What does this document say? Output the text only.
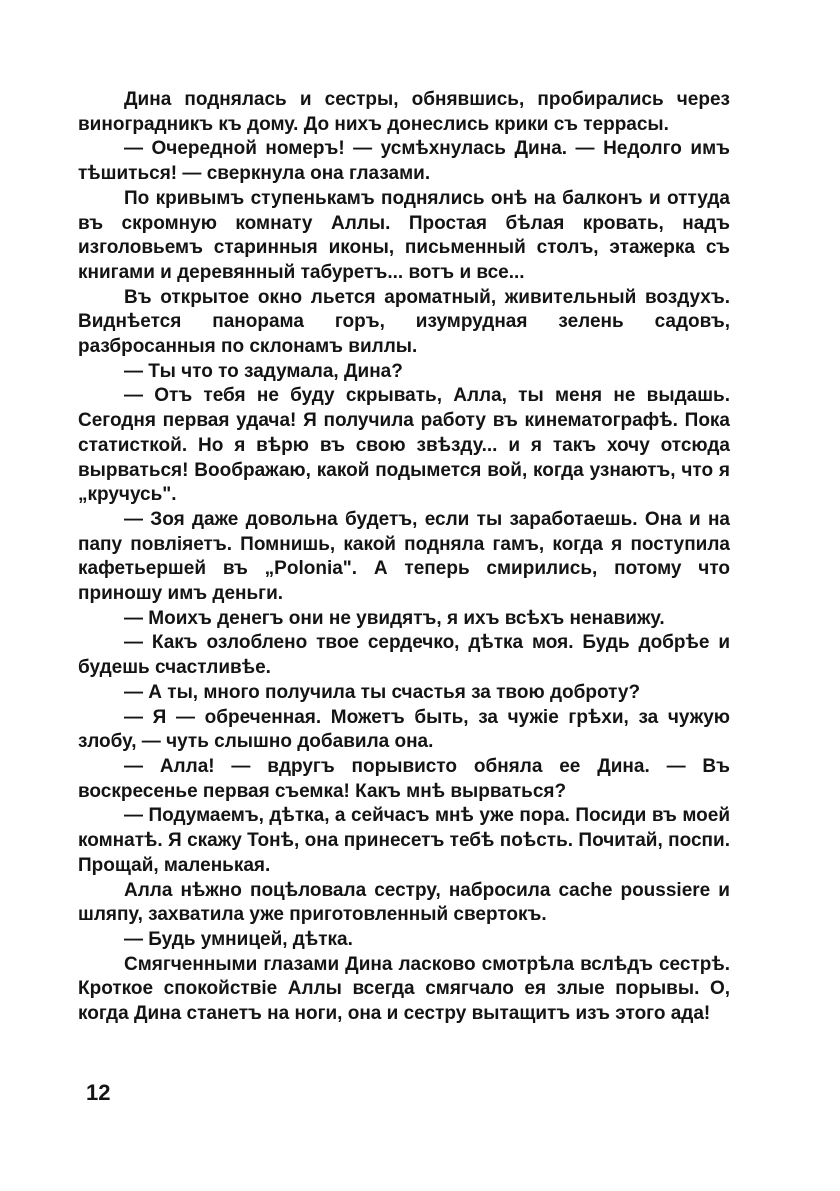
Дина поднялась и сестры, обнявшись, пробирались через виноградникъ къ дому. До нихъ донеслись крики съ террасы.

— Очередной номеръ! — усмѣхнулась Дина. — Недолго имъ тѣшиться! — сверкнула она глазами.

По кривымъ ступенькамъ поднялись онѣ на балконъ и оттуда въ скромную комнату Аллы. Простая бѣлая кровать, надъ изголовьемъ старинныя иконы, письменный столъ, этажерка съ книгами и деревянный табуретъ... вотъ и все...

Въ открытое окно льется ароматный, живительный воздухъ. Виднѣется панорама горъ, изумрудная зелень садовъ, разбросанныя по склонамъ виллы.

— Ты что то задумала, Дина?

— Отъ тебя не буду скрывать, Алла, ты меня не выдашь. Сегодня первая удача! Я получила работу въ кинематографѣ. Пока статисткой. Но я вѣрю въ свою звѣзду... и я такъ хочу отсюда вырваться! Воображаю, какой подымется вой, когда узнаютъ, что я „кручусь".

— Зоя даже довольна будетъ, если ты заработаешь. Она и на папу повліяетъ. Помнишь, какой подняла гамъ, когда я поступила кафетьершей въ „Polonia". А теперь смирились, потому что приношу имъ деньги.

— Моихъ денегъ они не увидятъ, я ихъ всѣхъ ненавижу.

— Какъ озлоблено твое сердечко, дѣтка моя. Будь добрѣе и будешь счастливѣе.

— А ты, много получила ты счастья за твою доброту?

— Я — обреченная. Можетъ быть, за чужіе грѣхи, за чужую злобу, — чуть слышно добавила она.

— Алла! — вдругъ порывисто обняла ее Дина. — Въ воскресенье первая съемка! Какъ мнѣ вырваться?

— Подумаемъ, дѣтка, а сейчасъ мнѣ уже пора. Посиди въ моей комнатѣ. Я скажу Тонѣ, она принесетъ тебѣ поѣсть. Почитай, поспи. Прощай, маленькая.

Алла нѣжно поцѣловала сестру, набросила cache poussiere и шляпу, захватила уже приготовленный свертокъ.

— Будь умницей, дѣтка.

Смягченными глазами Дина ласково смотрѣла вслѣдъ сестрѣ. Кроткое спокойствіе Аллы всегда смягчало ея злые порывы. О, когда Дина станетъ на ноги, она и сестру вытащитъ изъ этого ада!

12
